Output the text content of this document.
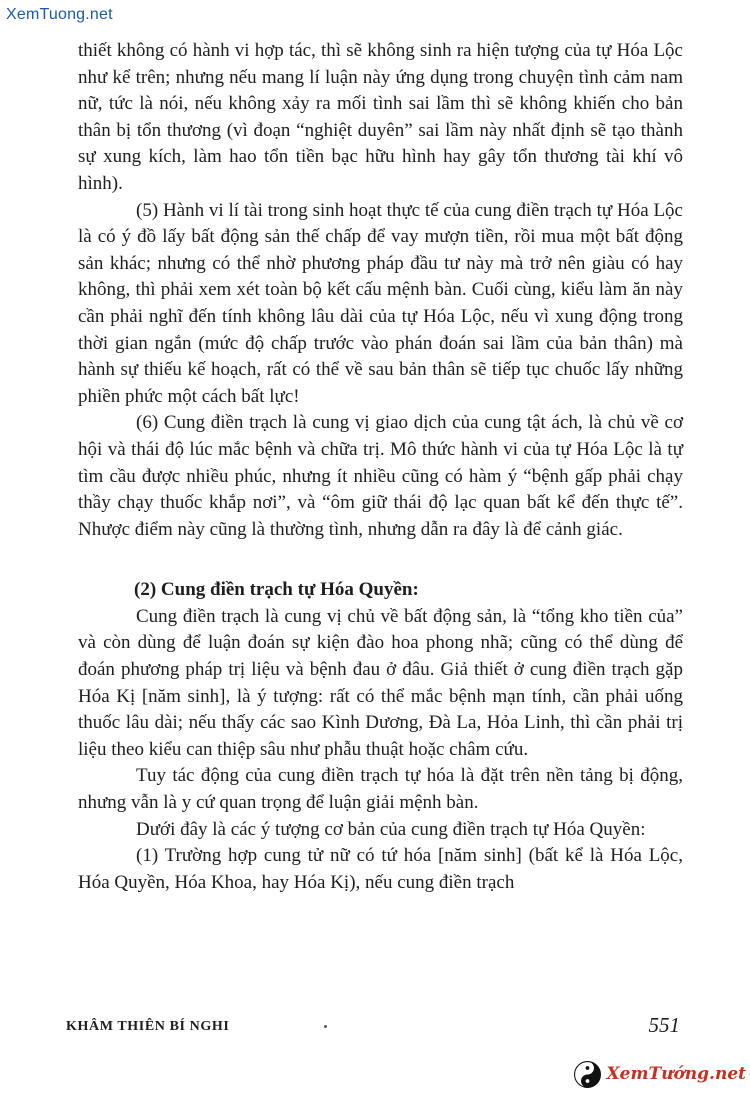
XemTuong.net

thiết không có hành vi hợp tác, thì sẽ không sinh ra hiện tượng của tự Hóa Lộc như kể trên; nhưng nếu mang lí luận này ứng dụng trong chuyện tình cảm nam nữ, tức là nói, nếu không xảy ra mối tình sai lầm thì sẽ không khiến cho bản thân bị tổn thương (vì đoạn “nghiệt duyên” sai lầm này nhất định sẽ tạo thành sự xung kích, làm hao tổn tiền bạc hữu hình hay gây tổn thương tài khí vô hình).

(5) Hành vi lí tài trong sinh hoạt thực tế của cung điền trạch tự Hóa Lộc là có ý đồ lấy bất động sản thế chấp để vay mượn tiền, rồi mua một bất động sản khác; nhưng có thể nhờ phương pháp đầu tư này mà trở nên giàu có hay không, thì phải xem xét toàn bộ kết cấu mệnh bàn. Cuối cùng, kiểu làm ăn này cần phải nghĩ đến tính không lâu dài của tự Hóa Lộc, nếu vì xung động trong thời gian ngắn (mức độ chấp trước vào phán đoán sai lầm của bản thân) mà hành sự thiếu kế hoạch, rất có thể về sau bản thân sẽ tiếp tục chuốc lấy những phiền phức một cách bất lực!

(6) Cung điền trạch là cung vị giao dịch của cung tật ách, là chủ về cơ hội và thái độ lúc mắc bệnh và chữa trị. Mô thức hành vi của tự Hóa Lộc là tự tìm cầu được nhiều phúc, nhưng ít nhiều cũng có hàm ý “bệnh gấp phải chạy thầy chạy thuốc khắp nơi”, và “ôm giữ thái độ lạc quan bất kể đến thực tế”. Nhược điểm này cũng là thường tình, nhưng dẫn ra đây là để cảnh giác.

(2) Cung điền trạch tự Hóa Quyền:

Cung điền trạch là cung vị chủ về bất động sản, là “tổng kho tiền của” và còn dùng để luận đoán sự kiện đào hoa phong nhã; cũng có thể dùng để đoán phương pháp trị liệu và bệnh đau ở đâu. Giả thiết ở cung điền trạch gặp Hóa Kị [năm sinh], là ý tượng: rất có thể mắc bệnh mạn tính, cần phải uống thuốc lâu dài; nếu thấy các sao Kình Dương, Đà La, Hỏa Linh, thì cần phải trị liệu theo kiểu can thiệp sâu như phẫu thuật hoặc châm cứu.

Tuy tác động của cung điền trạch tự hóa là đặt trên nền tảng bị động, nhưng vẫn là y cứ quan trọng để luận giải mệnh bàn.

Dưới đây là các ý tượng cơ bản của cung điền trạch tự Hóa Quyền:

(1) Trường hợp cung tử nữ có tứ hóa [năm sinh] (bất kể là Hóa Lộc, Hóa Quyền, Hóa Khoa, hay Hóa Kị), nếu cung điền trạch

KHÂM THIÊN BÍ NGHI	551
XemTướng.net
